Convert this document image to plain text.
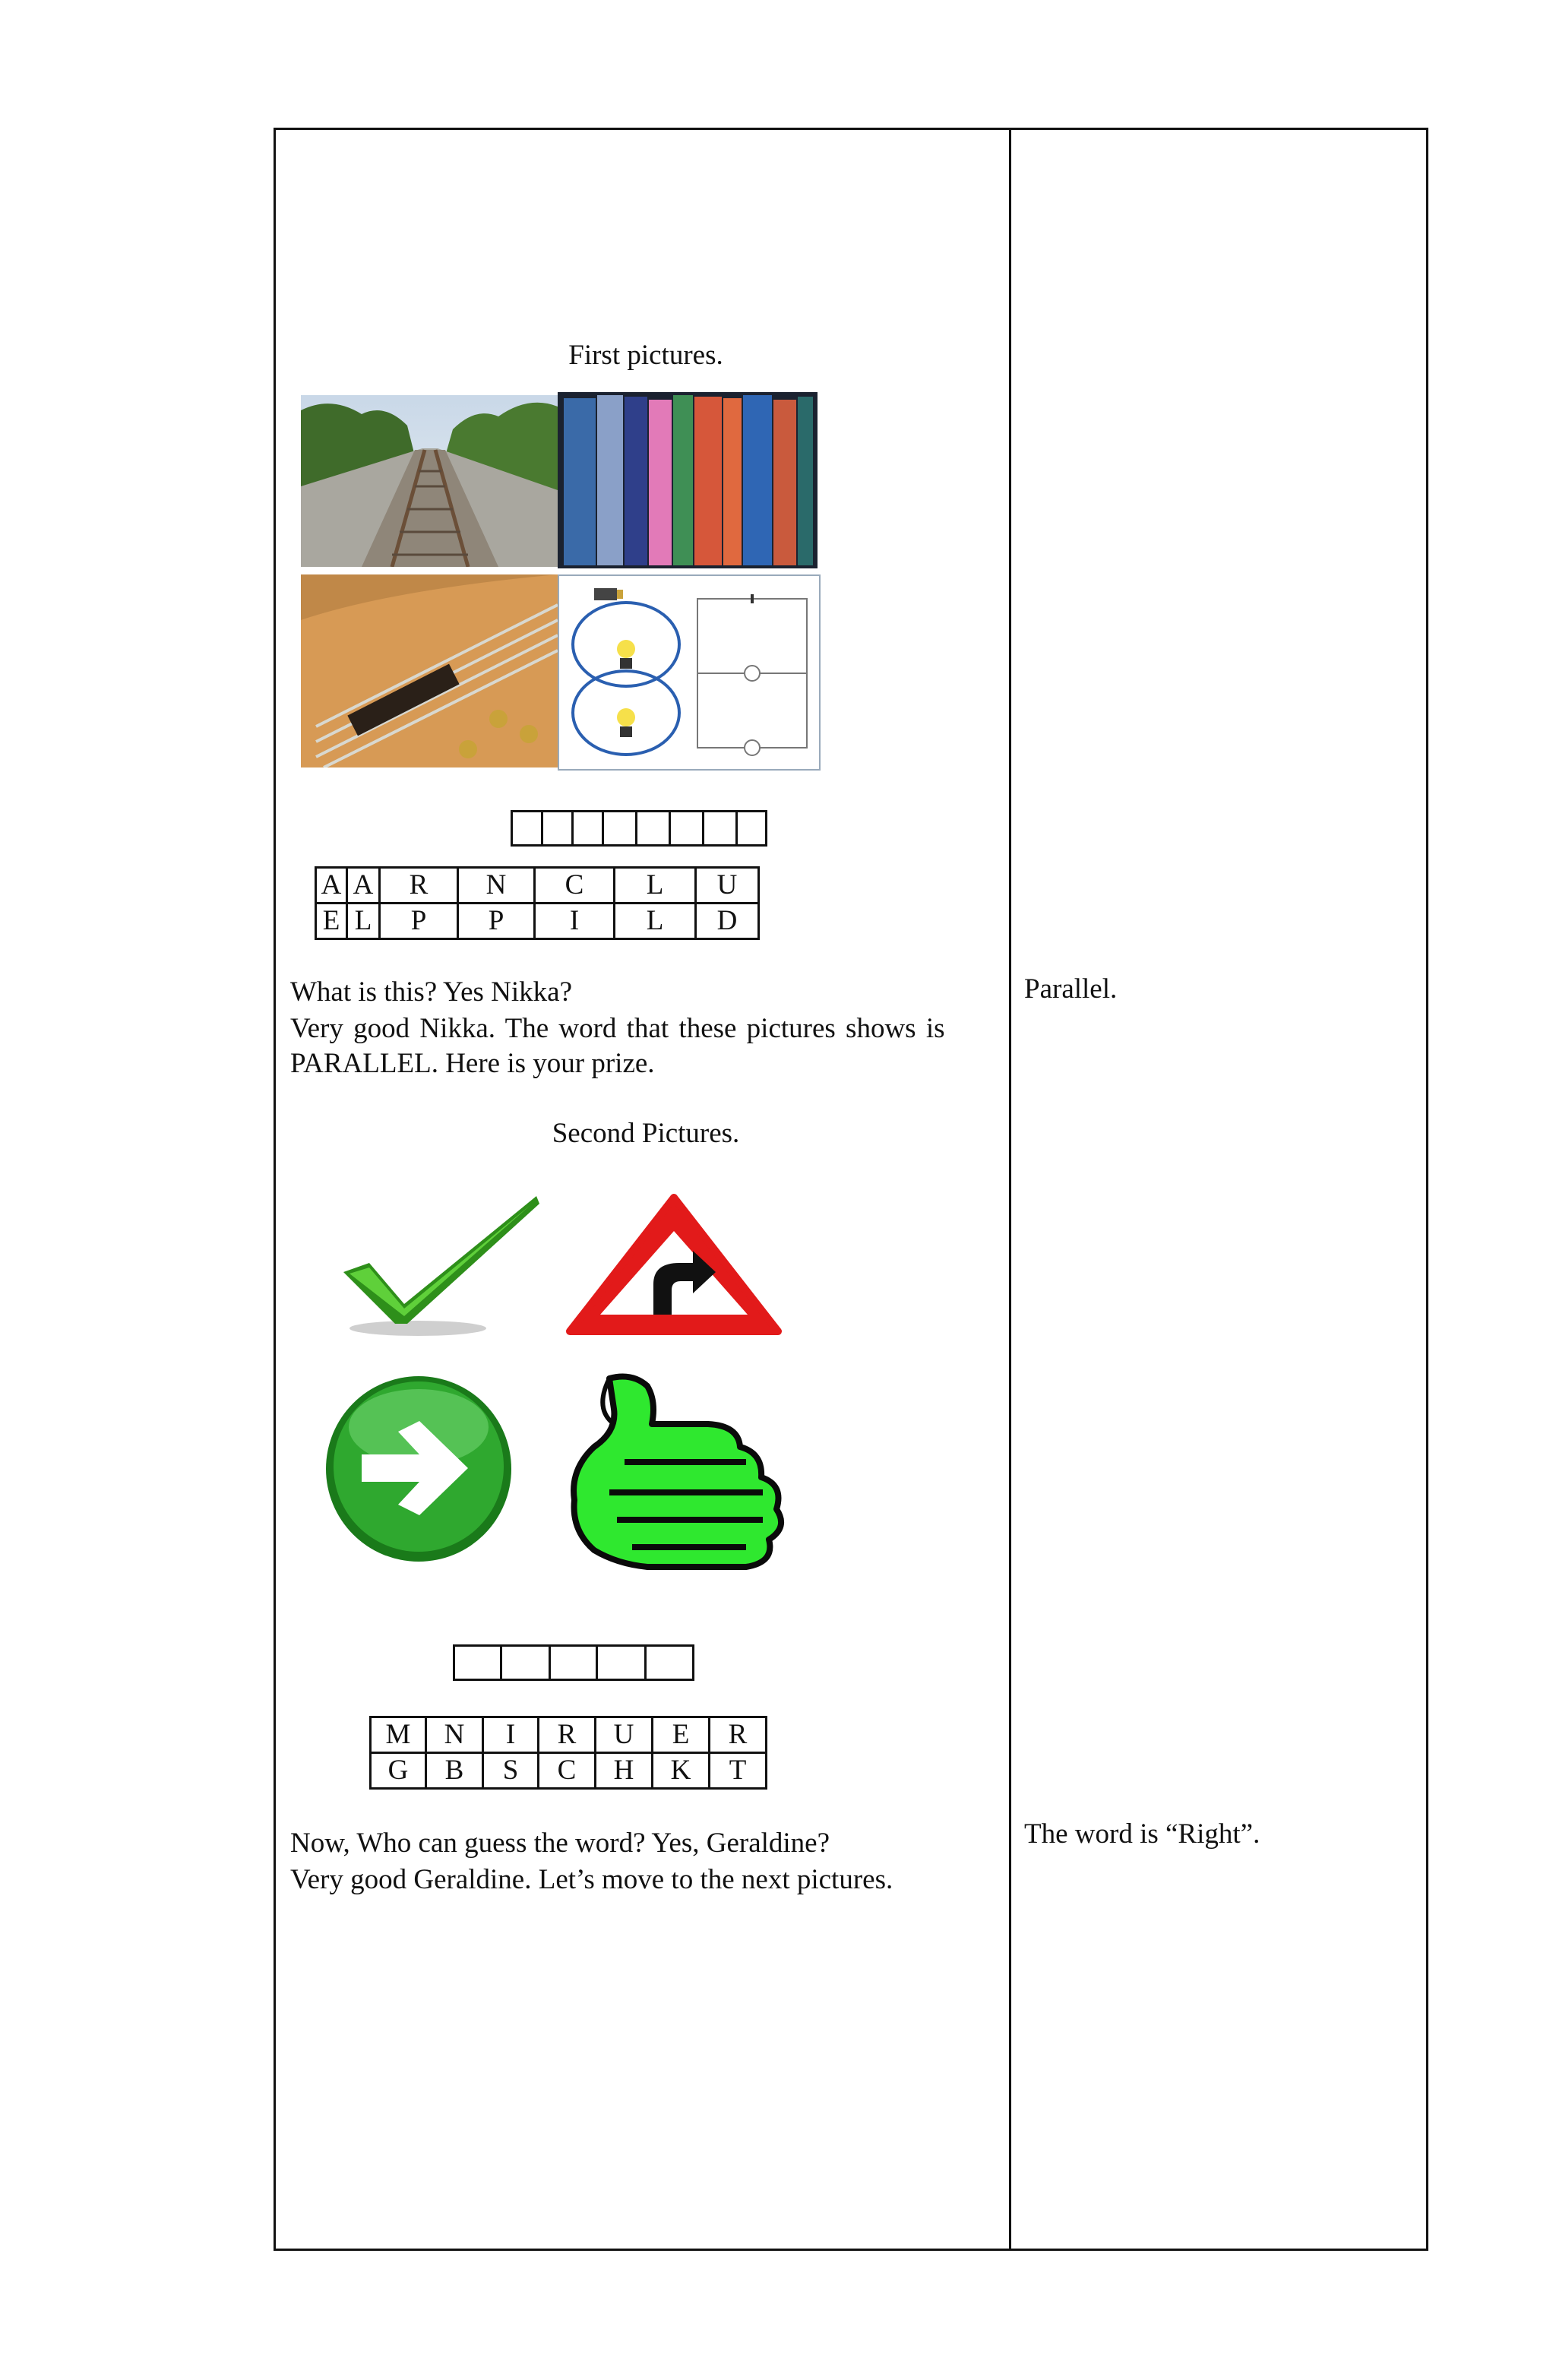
First pictures.
A	A	R	N	C	L	U
E	L	P	P	I	L	D
What is this? Yes Nikka?
Very good Nikka. The word that these pictures shows is
PARALLEL. Here is your prize.
Second Pictures.
M	N	I	R	U	E	R
G	B	S	C	H	K	T
Now, Who can guess the word? Yes, Geraldine?
Very good Geraldine. Let’s move to the next pictures.
Parallel.
The word is “Right”.
